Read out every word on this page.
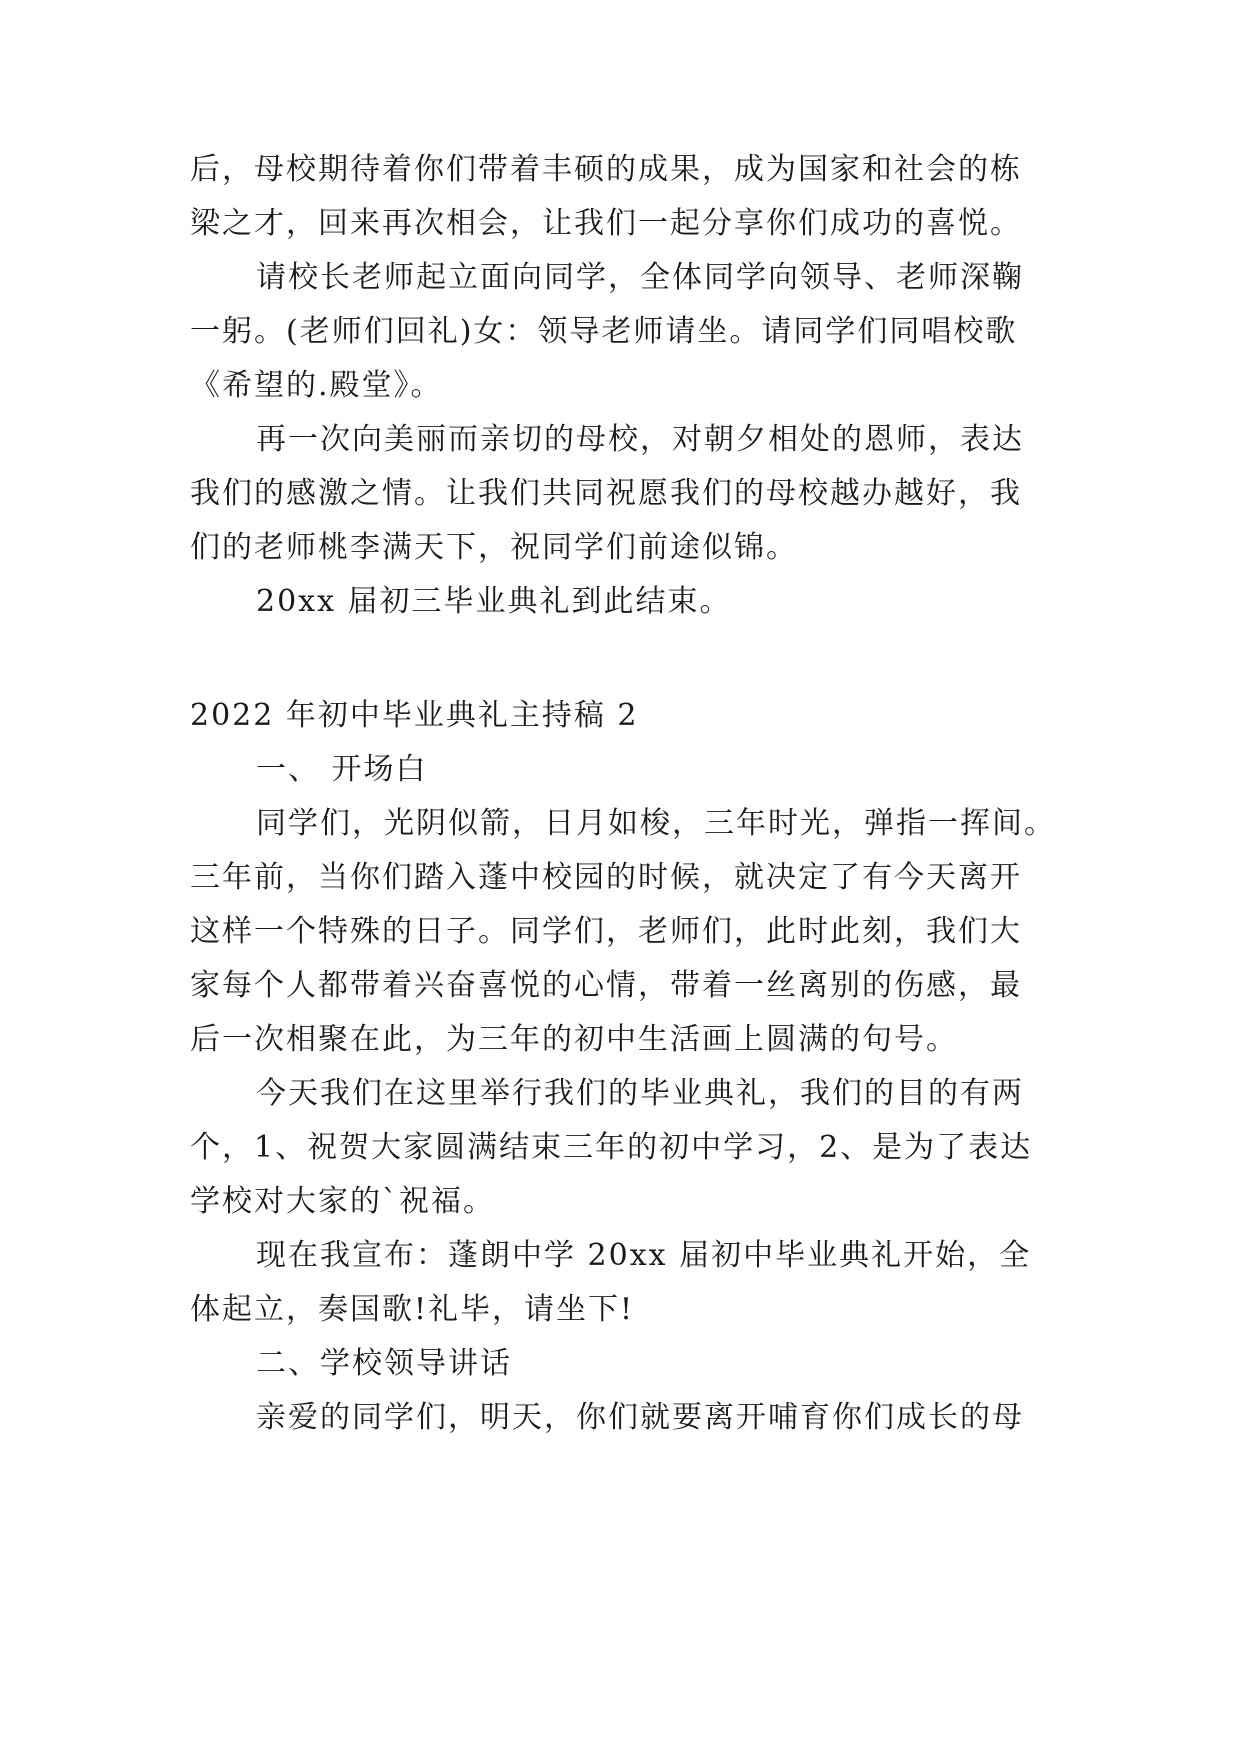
后，母校期待着你们带着丰硕的成果，成为国家和社会的栋
梁之才，回来再次相会，让我们一起分享你们成功的喜悦。
请校长老师起立面向同学，全体同学向领导、老师深鞠
一躬。(老师们回礼)女：领导老师请坐。请同学们同唱校歌
《希望的.殿堂》。
再一次向美丽而亲切的母校，对朝夕相处的恩师，表达
我们的感激之情。让我们共同祝愿我们的母校越办越好，我
们的老师桃李满天下，祝同学们前途似锦。
20xx 届初三毕业典礼到此结束。
2022 年初中毕业典礼主持稿 2
一、 开场白
同学们，光阴似箭，日月如梭，三年时光，弹指一挥间。
三年前，当你们踏入蓬中校园的时候，就决定了有今天离开
这样一个特殊的日子。同学们，老师们，此时此刻，我们大
家每个人都带着兴奋喜悦的心情，带着一丝离别的伤感，最
后一次相聚在此，为三年的初中生活画上圆满的句号。
今天我们在这里举行我们的毕业典礼，我们的目的有两
个，1、祝贺大家圆满结束三年的初中学习，2、是为了表达
学校对大家的`祝福。
现在我宣布：蓬朗中学 20xx 届初中毕业典礼开始，全
体起立，奏国歌!礼毕，请坐下!
二、学校领导讲话
亲爱的同学们，明天，你们就要离开哺育你们成长的母
